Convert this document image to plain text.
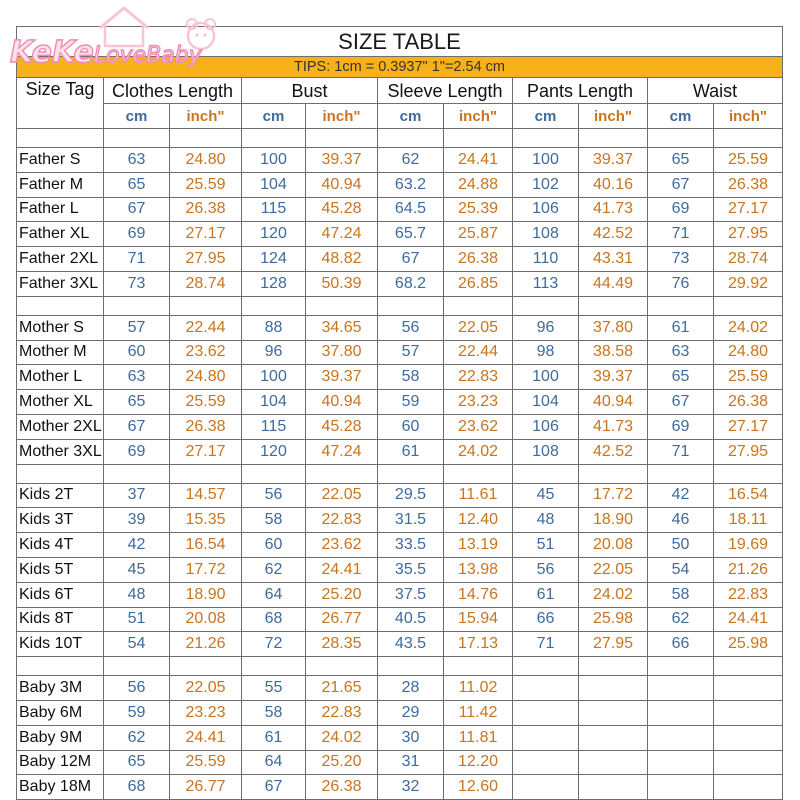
KeKeLoveBaby
SIZE TABLE										
TIPS: 1cm = 0.3937" 1"=2.54 cm										
Size Tag	Clothes Length		Bust		Sleeve Length		Pants Length		Waist	
	cm	inch"	cm	inch"	cm	inch"	cm	inch"	cm	inch"

Father S	63	24.80	100	39.37	62	24.41	100	39.37	65	25.59
Father M	65	25.59	104	40.94	63.2	24.88	102	40.16	67	26.38
Father L	67	26.38	115	45.28	64.5	25.39	106	41.73	69	27.17
Father XL	69	27.17	120	47.24	65.7	25.87	108	42.52	71	27.95
Father 2XL	71	27.95	124	48.82	67	26.38	110	43.31	73	28.74
Father 3XL	73	28.74	128	50.39	68.2	26.85	113	44.49	76	29.92

Mother S	57	22.44	88	34.65	56	22.05	96	37.80	61	24.02
Mother M	60	23.62	96	37.80	57	22.44	98	38.58	63	24.80
Mother L	63	24.80	100	39.37	58	22.83	100	39.37	65	25.59
Mother XL	65	25.59	104	40.94	59	23.23	104	40.94	67	26.38
Mother 2XL	67	26.38	115	45.28	60	23.62	106	41.73	69	27.17
Mother 3XL	69	27.17	120	47.24	61	24.02	108	42.52	71	27.95

Kids 2T	37	14.57	56	22.05	29.5	11.61	45	17.72	42	16.54
Kids 3T	39	15.35	58	22.83	31.5	12.40	48	18.90	46	18.11
Kids 4T	42	16.54	60	23.62	33.5	13.19	51	20.08	50	19.69
Kids 5T	45	17.72	62	24.41	35.5	13.98	56	22.05	54	21.26
Kids 6T	48	18.90	64	25.20	37.5	14.76	61	24.02	58	22.83
Kids 8T	51	20.08	68	26.77	40.5	15.94	66	25.98	62	24.41
Kids 10T	54	21.26	72	28.35	43.5	17.13	71	27.95	66	25.98

Baby 3M	56	22.05	55	21.65	28	11.02				
Baby 6M	59	23.23	58	22.83	29	11.42				
Baby 9M	62	24.41	61	24.02	30	11.81				
Baby 12M	65	25.59	64	25.20	31	12.20				
Baby 18M	68	26.77	67	26.38	32	12.60				
